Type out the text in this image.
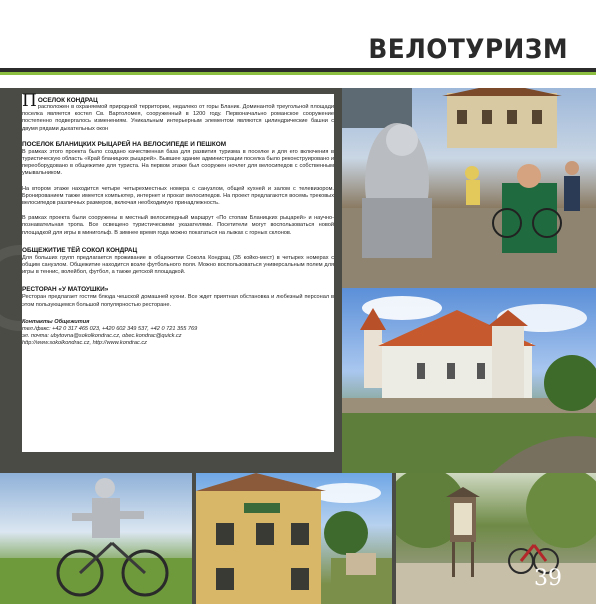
ВЕЛОТУРИЗМ
П ОСЕЛОК КОНДРАЦ
расположен в охраняемой природной территории, недалеко от горы Бланик. Доминантой треугольной площади поселка является костел Св. Вартоломея, сооруженный в 1200 году. Первоначально романское сооружение постепенно подвергалось изменениям. Уникальным интерьерным элементом являются цилиндрические башни с двумя рядами дыхательных окон
ПОСЕЛОК БЛАНИЦКИХ РЫЦАРЕЙ НА ВЕЛОСИПЕДЕ И ПЕШКОМ
В рамках этого проекта было создано качественная база для развития туризма в поселке и для его включения в туристическую область «Край бланицких рыцарей». Бывшее здание администрации поселка было реконструировано и переоборудовано в общежитие для туриста. На первом этаже был сооружен ночлег для велосипедов с собственным умывальником.
На втором этаже находится четыре четырехместных номера с санузлом, общей кухней и залом с телевизором. Бронированием также имеется компьютер, интернет и прокат велосипедов. На проект предлагаются восемь трековых велосипедов различных размеров, включая необходимую принадлежность.
В рамках проекта были сооружены в местный велосипедный маршрут «По стопам Бланицких рыцарей» и научно-познавательная тропа. Все освещено туристическими указателями. Посетители могут воспользоваться новой площадкой для игры в минигольф. В зимнее время года можно покататься на лыжах с горных склонов.
ОБЩЕЖИТИЕ ТЁЙ СОКОЛ КОНДРАЦ
Для больших групп предлагается проживание в общежитии Сокола Кондрац (35 койко-мест) в четырех номерах с общим санузлом. Общежитие находится возле футбольного поля. Можно воспользоваться универсальным полем для игры в теннис, волейбол, футбол, а также детской площадкой.
РЕСТОРАН «У МАТОУШКИ»
Ресторан предлагает гостям блюда чешской домашней кухни. Все ждет приятная обстановка и любезный персонал в этом пользующемся большой популярностью ресторане.
Контакты Общежития
тел./факс: +42 0 317 465 023, +420 602 349 537, +42 0 721 355 769
эл. почта: ubytovna@sokolkondrac.cz, obec.kondrac@quick.cz
http://www.sokolkondrac.cz, http://www.kondrac.cz
39
